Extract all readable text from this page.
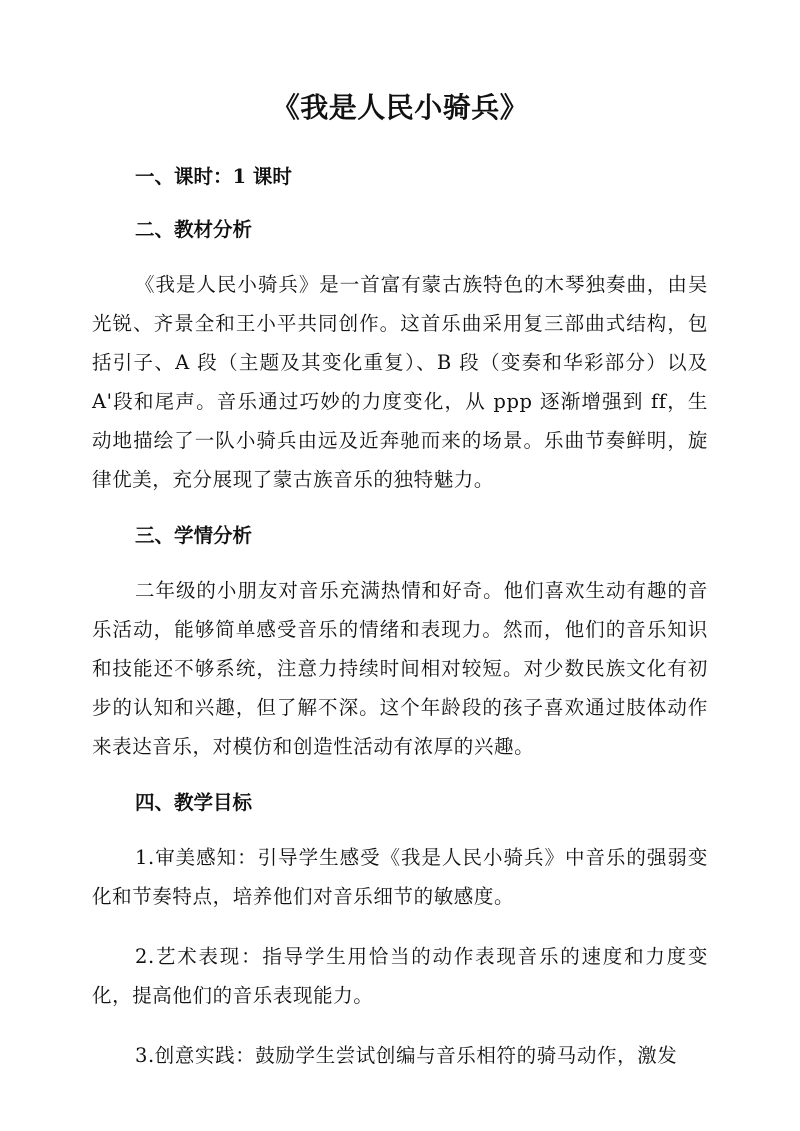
《我是人民小骑兵》
一、课时：1 课时
二、教材分析

《我是人民小骑兵》是一首富有蒙古族特色的木琴独奏曲，由吴光锐、齐景全和王小平共同创作。这首乐曲采用复三部曲式结构，包括引子、A 段（主题及其变化重复）、B 段（变奏和华彩部分）以及 A'段和尾声。音乐通过巧妙的力度变化，从 ppp 逐渐增强到 ff，生动地描绘了一队小骑兵由远及近奔驰而来的场景。乐曲节奏鲜明，旋律优美，充分展现了蒙古族音乐的独特魅力。

三、学情分析

二年级的小朋友对音乐充满热情和好奇。他们喜欢生动有趣的音乐活动，能够简单感受音乐的情绪和表现力。然而，他们的音乐知识和技能还不够系统，注意力持续时间相对较短。对少数民族文化有初步的认知和兴趣，但了解不深。这个年龄段的孩子喜欢通过肢体动作来表达音乐，对模仿和创造性活动有浓厚的兴趣。

四、教学目标

1.审美感知：引导学生感受《我是人民小骑兵》中音乐的强弱变化和节奏特点，培养他们对音乐细节的敏感度。

2.艺术表现：指导学生用恰当的动作表现音乐的速度和力度变化，提高他们的音乐表现能力。

3.创意实践：鼓励学生尝试创编与音乐相符的骑马动作，激发
